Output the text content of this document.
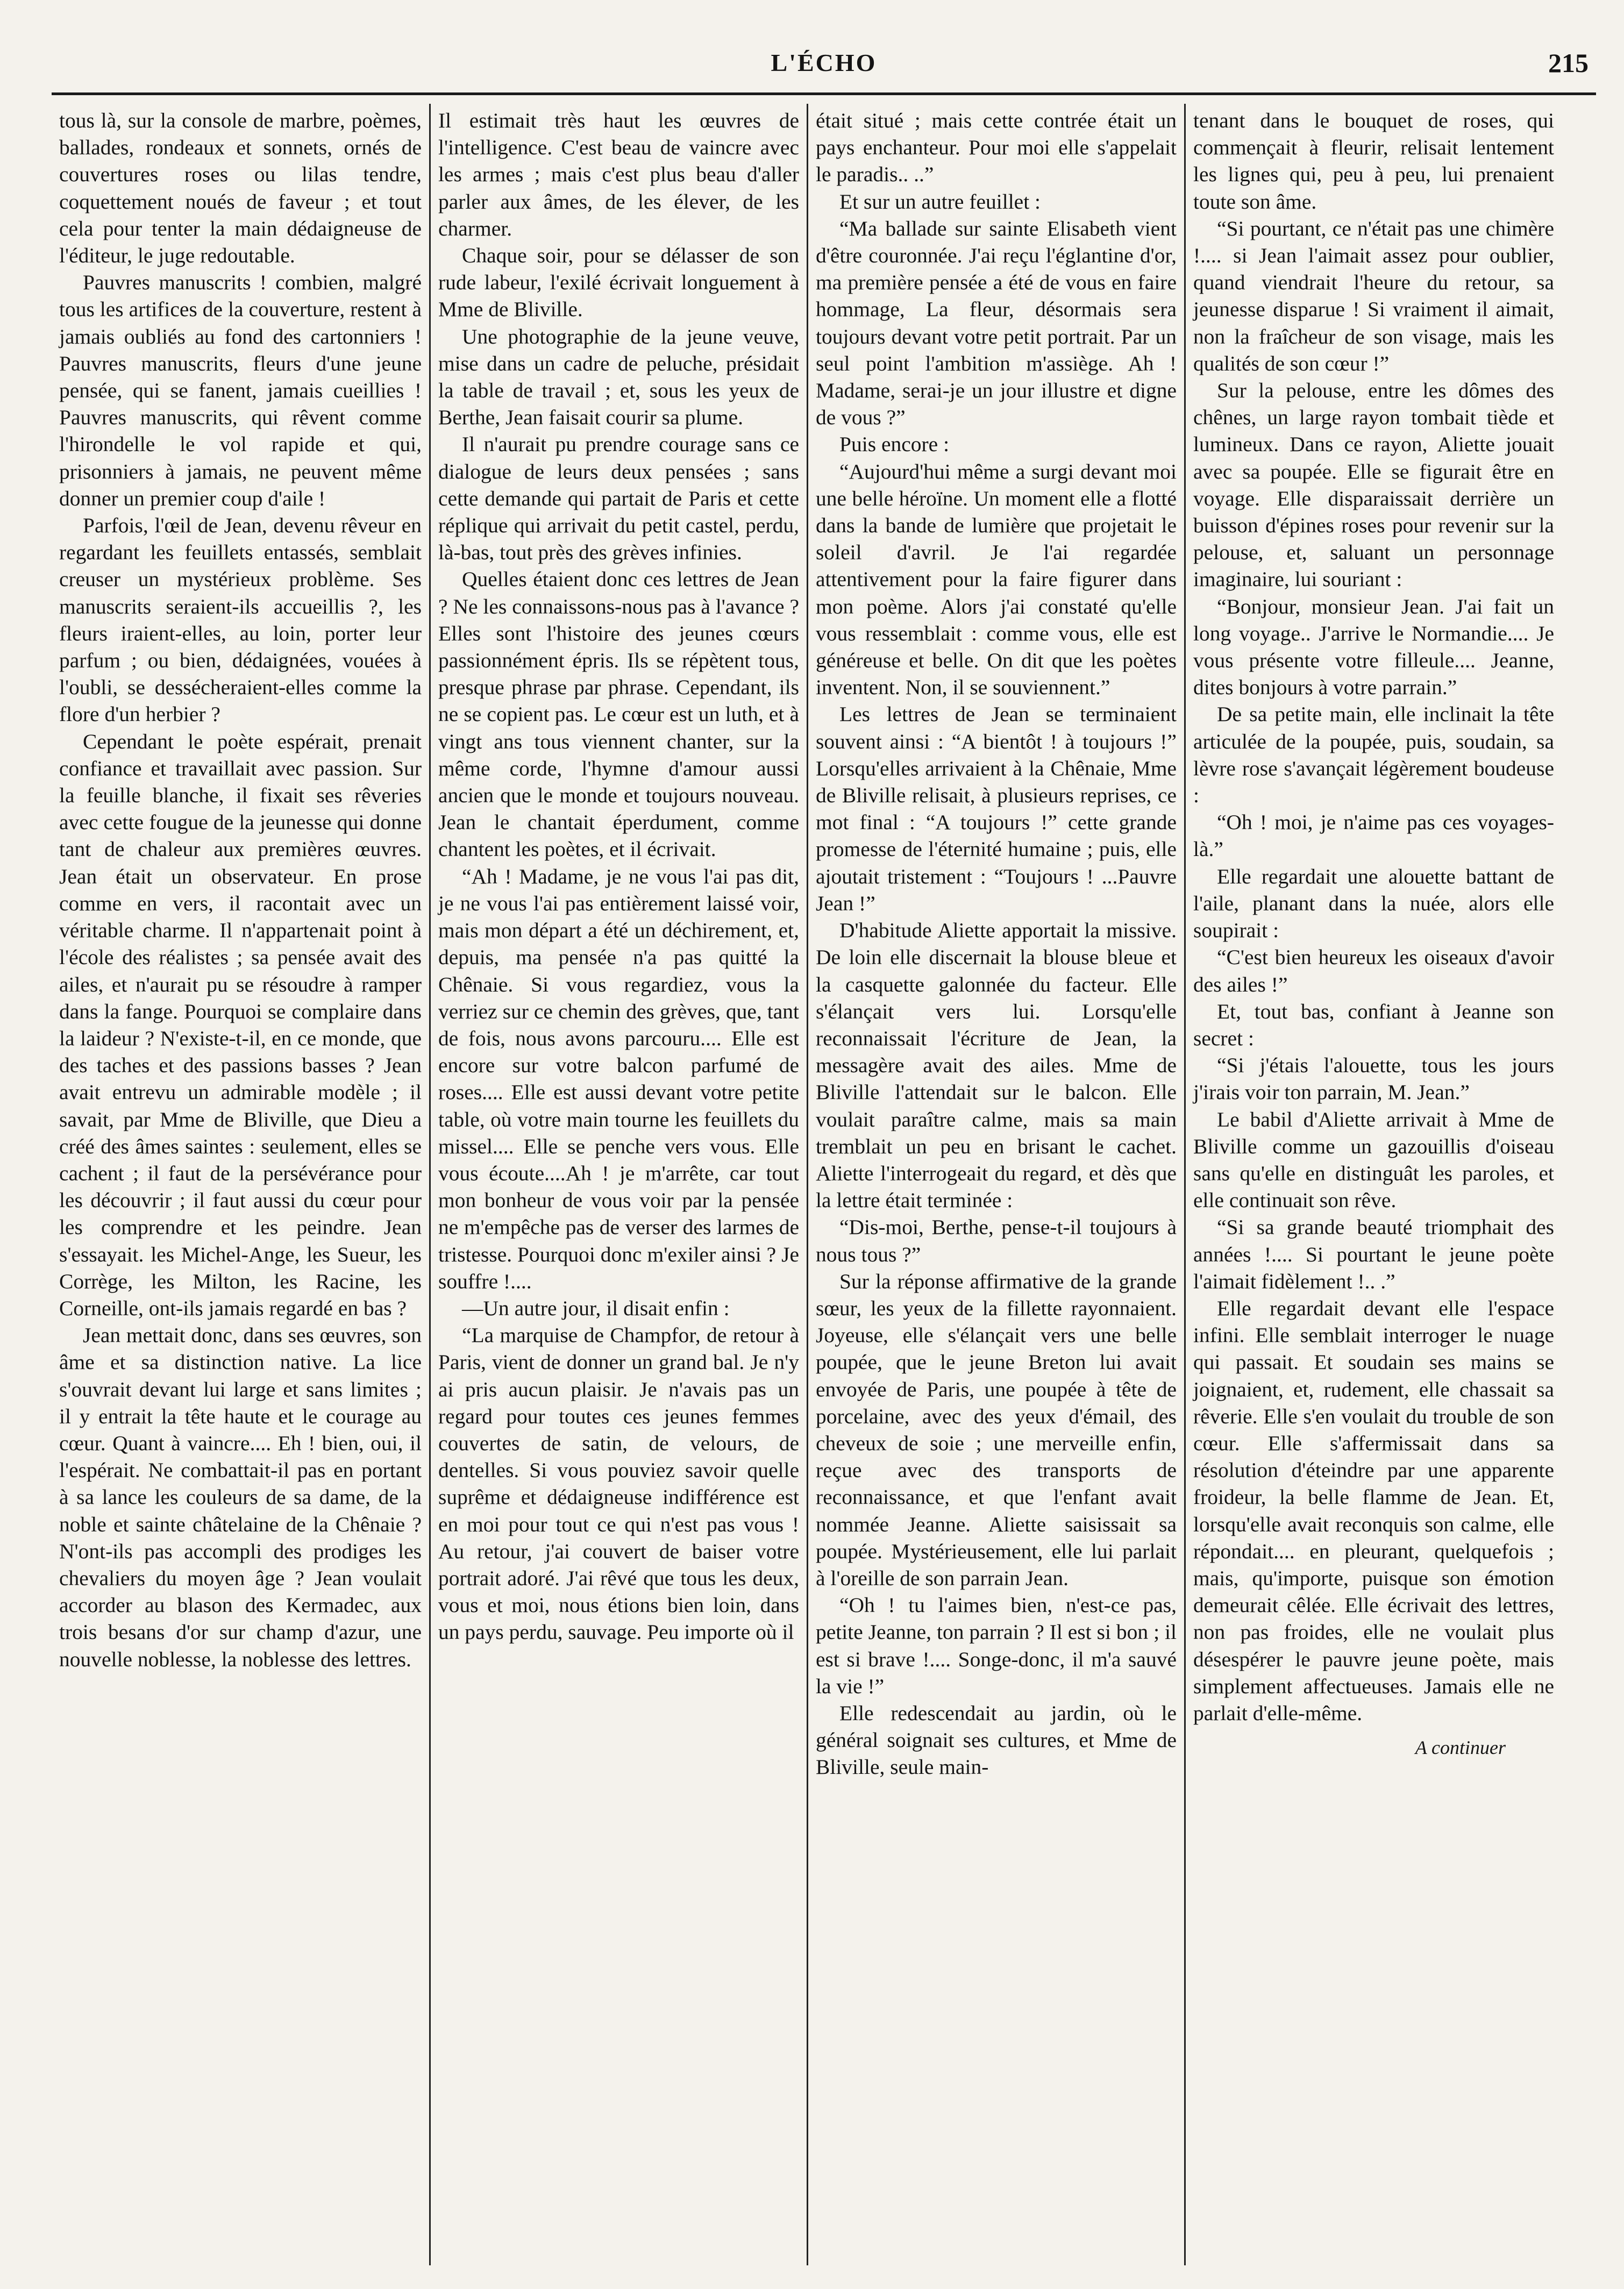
L'ÉCHO	215

tous là, sur la console de marbre, poèmes, ballades, rondeaux et sonnets, ornés de couvertures roses ou lilas tendre, coquettement noués de faveur ; et tout cela pour tenter la main dédaigneuse de l'éditeur, le juge redoutable.

Pauvres manuscrits ! combien, malgré tous les artifices de la couverture, restent à jamais oubliés au fond des cartonniers ! Pauvres manuscrits, fleurs d'une jeune pensée, qui se fanent, jamais cueillies ! Pauvres manuscrits, qui rêvent comme l'hirondelle le vol rapide et qui, prisonniers à jamais, ne peuvent même donner un premier coup d'aile !

Parfois, l'œil de Jean, devenu rêveur en regardant les feuillets entassés, semblait creuser un mystérieux problème. Ses manuscrits seraient-ils accueillis ?, les fleurs iraient-elles, au loin, porter leur parfum ; ou bien, dédaignées, vouées à l'oubli, se dessécheraient-elles comme la flore d'un herbier ?

Cependant le poète espérait, prenait confiance et travaillait avec passion. Sur la feuille blanche, il fixait ses rêveries avec cette fougue de la jeunesse qui donne tant de chaleur aux premières œuvres. Jean était un observateur. En prose comme en vers, il racontait avec un véritable charme. Il n'appartenait point à l'école des réalistes ; sa pensée avait des ailes, et n'aurait pu se résoudre à ramper dans la fange. Pourquoi se complaire dans la laideur ? N'existe-t-il, en ce monde, que des taches et des passions basses ? Jean avait entrevu un admirable modèle ; il savait, par Mme de Bliville, que Dieu a créé des âmes saintes : seulement, elles se cachent ; il faut de la persévérance pour les découvrir ; il faut aussi du cœur pour les comprendre et les peindre. Jean s'essayait. les Michel-Ange, les Sueur, les Corrège, les Milton, les Racine, les Corneille, ont-ils jamais regardé en bas ?

Jean mettait donc, dans ses œuvres, son âme et sa distinction native. La lice s'ouvrait devant lui large et sans limites ; il y entrait la tête haute et le courage au cœur. Quant à vaincre.... Eh ! bien, oui, il l'espérait. Ne combattait-il pas en portant à sa lance les couleurs de sa dame, de la noble et sainte châtelaine de la Chênaie ? N'ont-ils pas accompli des prodiges les chevaliers du moyen âge ? Jean voulait accorder au blason des Kermadec, aux trois besans d'or sur champ d'azur, une nouvelle noblesse, la noblesse des lettres.

Il estimait très haut les œuvres de l'intelligence. C'est beau de vaincre avec les armes ; mais c'est plus beau d'aller parler aux âmes, de les élever, de les charmer.

Chaque soir, pour se délasser de son rude labeur, l'exilé écrivait longuement à Mme de Bliville.

Une photographie de la jeune veuve, mise dans un cadre de peluche, présidait la table de travail ; et, sous les yeux de Berthe, Jean faisait courir sa plume.

Il n'aurait pu prendre courage sans ce dialogue de leurs deux pensées ; sans cette demande qui partait de Paris et cette réplique qui arrivait du petit castel, perdu, là-bas, tout près des grèves infinies.

Quelles étaient donc ces lettres de Jean ? Ne les connaissons-nous pas à l'avance ? Elles sont l'histoire des jeunes cœurs passionnément épris. Ils se répètent tous, presque phrase par phrase. Cependant, ils ne se copient pas. Le cœur est un luth, et à vingt ans tous viennent chanter, sur la même corde, l'hymne d'amour aussi ancien que le monde et toujours nouveau. Jean le chantait éperdument, comme chantent les poètes, et il écrivait.

“Ah ! Madame, je ne vous l'ai pas dit, je ne vous l'ai pas entièrement laissé voir, mais mon départ a été un déchirement, et, depuis, ma pensée n'a pas quitté la Chênaie. Si vous regardiez, vous la verriez sur ce chemin des grèves, que, tant de fois, nous avons parcouru.... Elle est encore sur votre balcon parfumé de roses.... Elle est aussi devant votre petite table, où votre main tourne les feuillets du missel.... Elle se penche vers vous. Elle vous écoute....Ah ! je m'arrête, car tout mon bonheur de vous voir par la pensée ne m'empêche pas de verser des larmes de tristesse. Pourquoi donc m'exiler ainsi ? Je souffre !....

—Un autre jour, il disait enfin :

“La marquise de Champfor, de retour à Paris, vient de donner un grand bal. Je n'y ai pris aucun plaisir. Je n'avais pas un regard pour toutes ces jeunes femmes couvertes de satin, de velours, de dentelles. Si vous pouviez savoir quelle suprême et dédaigneuse indifférence est en moi pour tout ce qui n'est pas vous ! Au retour, j'ai couvert de baiser votre portrait adoré. J'ai rêvé que tous les deux, vous et moi, nous étions bien loin, dans un pays perdu, sauvage. Peu importe où il

était situé ; mais cette contrée était un pays enchanteur. Pour moi elle s'appelait le paradis.. ..”

Et sur un autre feuillet :

“Ma ballade sur sainte Elisabeth vient d'être couronnée. J'ai reçu l'églantine d'or, ma première pensée a été de vous en faire hommage, La fleur, désormais sera toujours devant votre petit portrait. Par un seul point l'ambition m'assiège. Ah ! Madame, serai-je un jour illustre et digne de vous ?”

Puis encore :

“Aujourd'hui même a surgi devant moi une belle héroïne. Un moment elle a flotté dans la bande de lumière que projetait le soleil d'avril. Je l'ai regardée attentivement pour la faire figurer dans mon poème. Alors j'ai constaté qu'elle vous ressemblait : comme vous, elle est généreuse et belle. On dit que les poètes inventent. Non, il se souviennent.”

Les lettres de Jean se terminaient souvent ainsi : “A bientôt ! à toujours !” Lorsqu'elles arrivaient à la Chênaie, Mme de Bliville relisait, à plusieurs reprises, ce mot final : “A toujours !” cette grande promesse de l'éternité humaine ; puis, elle ajoutait tristement : “Toujours ! ...Pauvre Jean !”

D'habitude Aliette apportait la missive. De loin elle discernait la blouse bleue et la casquette galonnée du facteur. Elle s'élançait vers lui. Lorsqu'elle reconnaissait l'écriture de Jean, la messagère avait des ailes. Mme de Bliville l'attendait sur le balcon. Elle voulait paraître calme, mais sa main tremblait un peu en brisant le cachet. Aliette l'interrogeait du regard, et dès que la lettre était terminée :

“Dis-moi, Berthe, pense-t-il toujours à nous tous ?”

Sur la réponse affirmative de la grande sœur, les yeux de la fillette rayonnaient. Joyeuse, elle s'élançait vers une belle poupée, que le jeune Breton lui avait envoyée de Paris, une poupée à tête de porcelaine, avec des yeux d'émail, des cheveux de soie ; une merveille enfin, reçue avec des transports de reconnaissance, et que l'enfant avait nommée Jeanne. Aliette saisissait sa poupée. Mystérieusement, elle lui parlait à l'oreille de son parrain Jean.

“Oh ! tu l'aimes bien, n'est-ce pas, petite Jeanne, ton parrain ? Il est si bon ; il est si brave !.... Songe-donc, il m'a sauvé la vie !”

Elle redescendait au jardin, où le général soignait ses cultures, et Mme de Bliville, seule main-

tenant dans le bouquet de roses, qui commençait à fleurir, relisait lentement les lignes qui, peu à peu, lui prenaient toute son âme.

“Si pourtant, ce n'était pas une chimère !.... si Jean l'aimait assez pour oublier, quand viendrait l'heure du retour, sa jeunesse disparue ! Si vraiment il aimait, non la fraîcheur de son visage, mais les qualités de son cœur !”

Sur la pelouse, entre les dômes des chênes, un large rayon tombait tiède et lumineux. Dans ce rayon, Aliette jouait avec sa poupée. Elle se figurait être en voyage. Elle disparaissait derrière un buisson d'épines roses pour revenir sur la pelouse, et, saluant un personnage imaginaire, lui souriant :

“Bonjour, monsieur Jean. J'ai fait un long voyage.. J'arrive le Normandie.... Je vous présente votre filleule.... Jeanne, dites bonjours à votre parrain.”

De sa petite main, elle inclinait la tête articulée de la poupée, puis, soudain, sa lèvre rose s'avançait légèrement boudeuse :

“Oh ! moi, je n'aime pas ces voyages-là.”

Elle regardait une alouette battant de l'aile, planant dans la nuée, alors elle soupirait :

“C'est bien heureux les oiseaux d'avoir des ailes !”

Et, tout bas, confiant à Jeanne son secret :

“Si j'étais l'alouette, tous les jours j'irais voir ton parrain, M. Jean.”

Le babil d'Aliette arrivait à Mme de Bliville comme un gazouillis d'oiseau sans qu'elle en distinguât les paroles, et elle continuait son rêve.

“Si sa grande beauté triomphait des années !.... Si pourtant le jeune poète l'aimait fidèlement !.. .”

Elle regardait devant elle l'espace infini. Elle semblait interroger le nuage qui passait. Et soudain ses mains se joignaient, et, rudement, elle chassait sa rêverie. Elle s'en voulait du trouble de son cœur. Elle s'affermissait dans sa résolution d'éteindre par une apparente froideur, la belle flamme de Jean. Et, lorsqu'elle avait reconquis son calme, elle répondait.... en pleurant, quelquefois ; mais, qu'importe, puisque son émotion demeurait cêlée. Elle écrivait des lettres, non pas froides, elle ne voulait plus désespérer le pauvre jeune poète, mais simplement affectueuses. Jamais elle ne parlait d'elle-même.

A continuer
